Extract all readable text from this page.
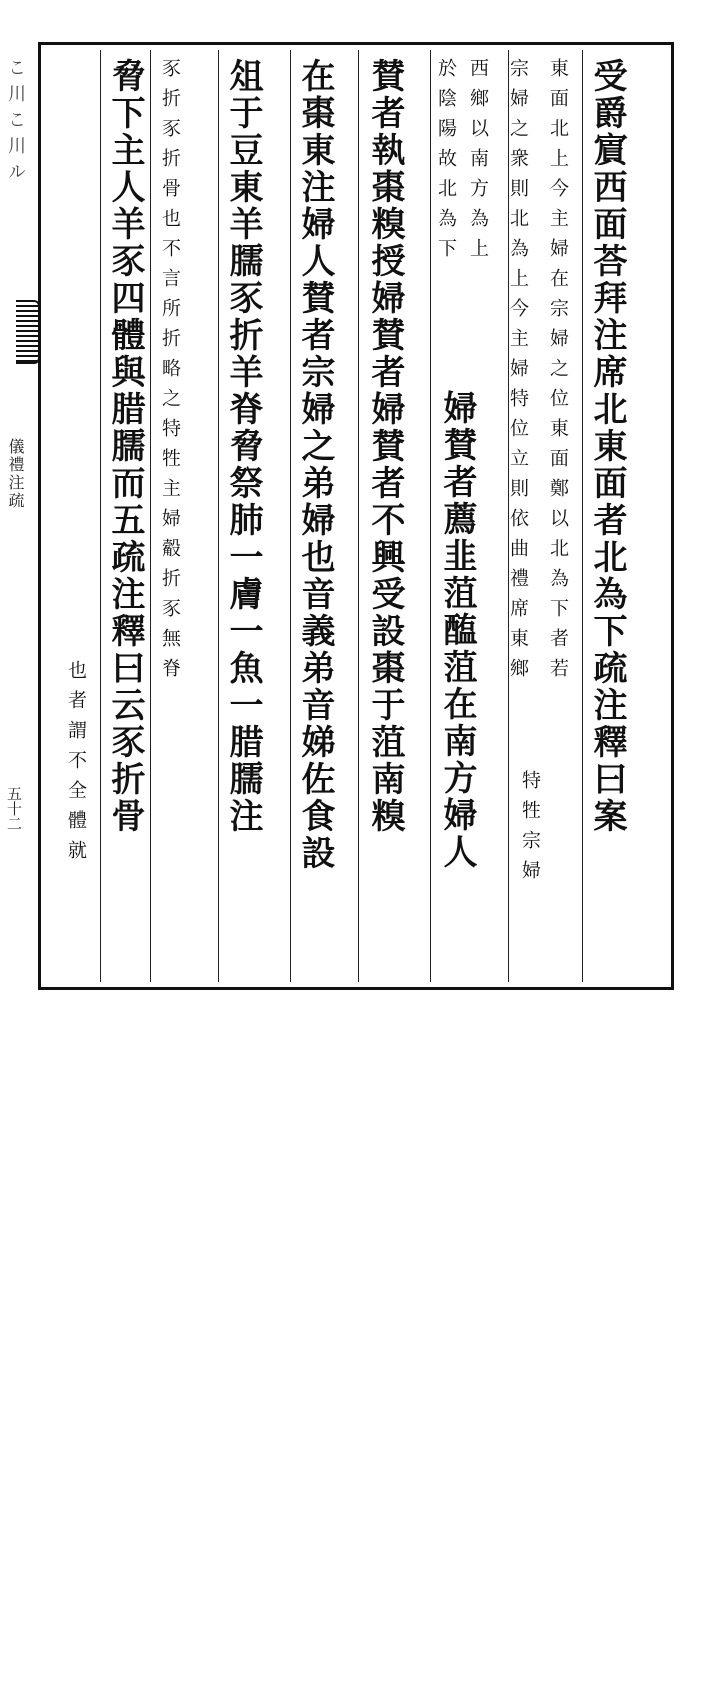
こ川こ川ル
儀禮注疏
五十二	受爵賔西面荅拜注席北東面者北為下疏注釋曰案
東面北上今主婦在宗婦之位東面鄭以北為下者若
特牲宗婦
宗婦之衆則北為上今主婦特位立則依曲禮席東鄉
西鄉以南方為上
於陰陽故北為下
婦賛者薦韭菹醢菹在南方婦人
賛者執棗糗授婦賛者婦賛者不興受設棗于菹南糗
在棗東注婦人賛者宗婦之弟婦也音義弟音娣佐食設
俎于豆東羊臑豕折羊脊脅祭肺一膚一魚一腊臑注
豕折豕折骨也不言所折略之特牲主婦觳折豕無脊
脅下主人羊豕四體與腊臑而五疏注釋曰云豕折骨
也者謂不全體就
